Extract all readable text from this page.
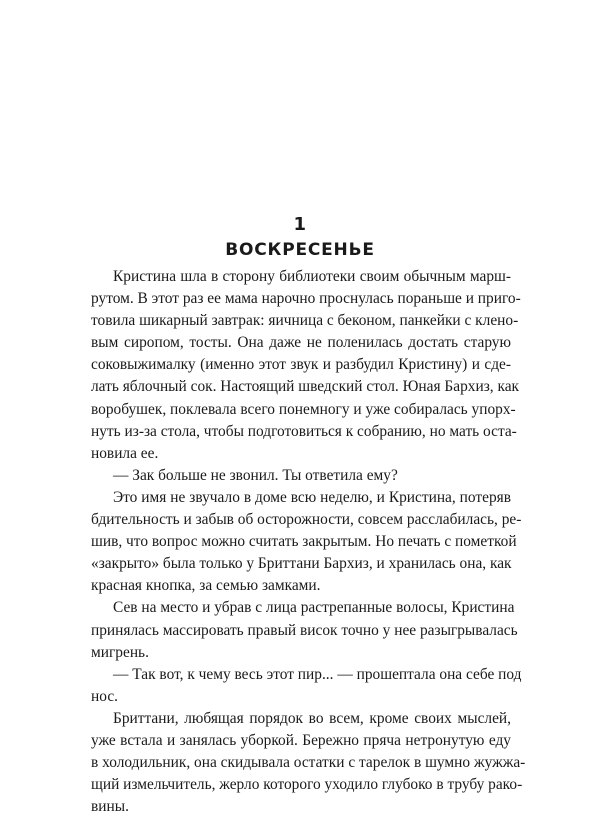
1
ВОСКРЕСЕНЬЕ
Кристина шла в сторону библиотеки своим обычным марш-
рутом. В этот раз ее мама нарочно проснулась пораньше и приго-
товила шикарный завтрак: яичница с беконом, панкейки с клено-
вым сиропом, тосты. Она даже не поленилась достать старую
соковыжималку (именно этот звук и разбудил Кристину) и сде-
лать яблочный сок. Настоящий шведский стол. Юная Бархиз, как
воробушек, поклевала всего понемногу и уже собиралась упорх-
нуть из-за стола, чтобы подготовиться к собранию, но мать оста-
новила ее.
— Зак больше не звонил. Ты ответила ему?
Это имя не звучало в доме всю неделю, и Кристина, потеряв
бдительность и забыв об осторожности, совсем расслабилась, ре-
шив, что вопрос можно считать закрытым. Но печать с пометкой
«закрыто» была только у Бриттани Бархиз, и хранилась она, как
красная кнопка, за семью замками.
Сев на место и убрав с лица растрепанные волосы, Кристина
принялась массировать правый висок точно у нее разыгрывалась
мигрень.
— Так вот, к чему весь этот пир... — прошептала она себе под
нос.
Бриттани, любящая порядок во всем, кроме своих мыслей,
уже встала и занялась уборкой. Бережно пряча нетронутую еду
в холодильник, она скидывала остатки с тарелок в шумно жужжа-
щий измельчитель, жерло которого уходило глубоко в трубу рако-
вины.
